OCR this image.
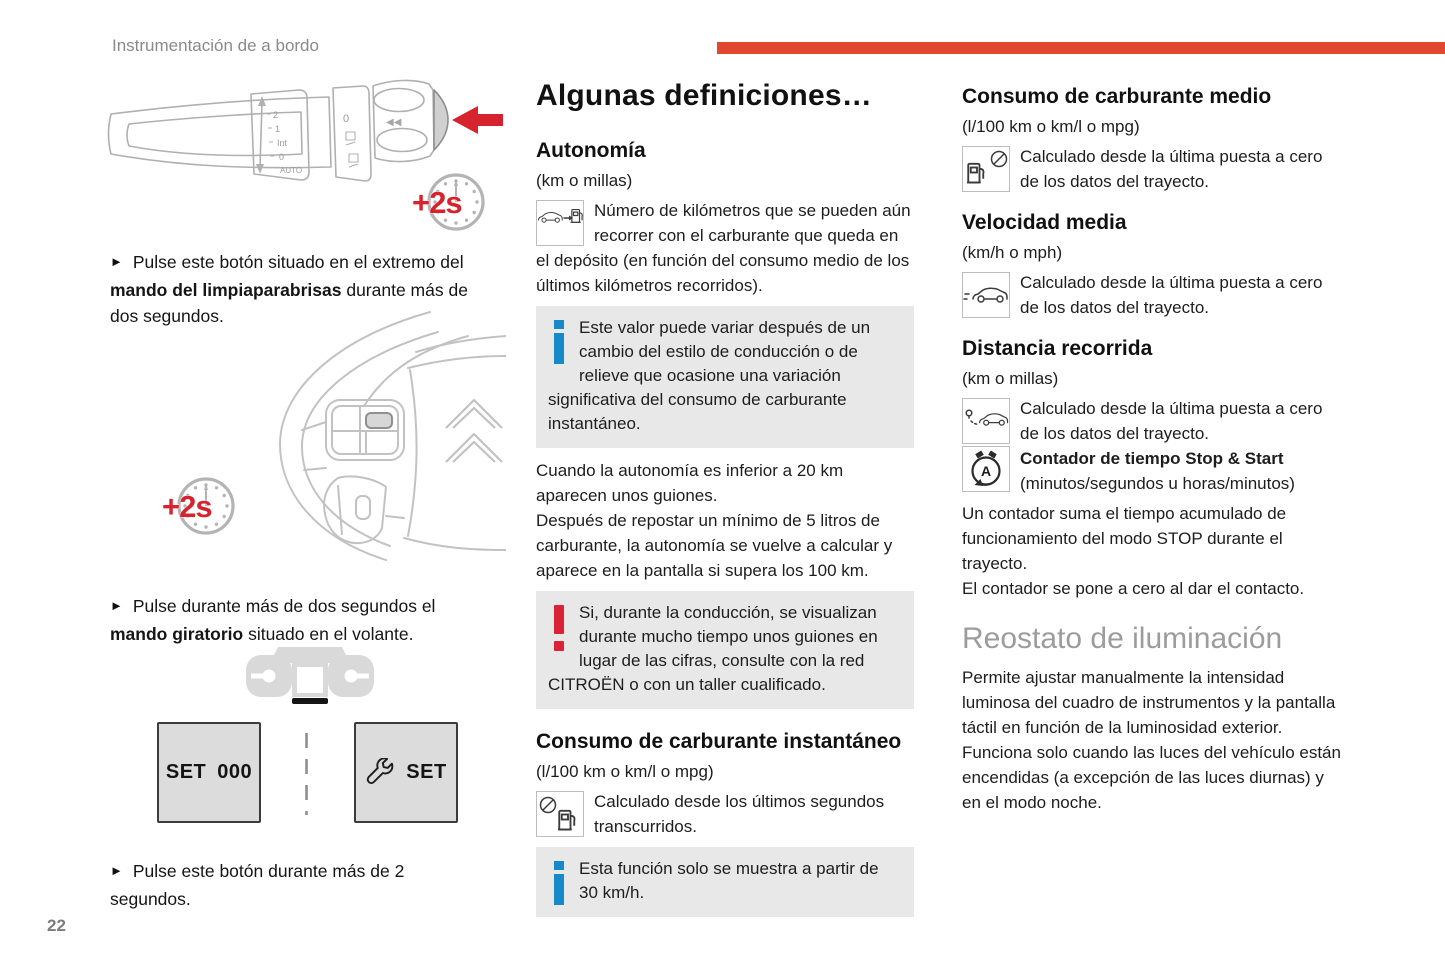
Instrumentación de a bordo
2
1
Int
0
AUTO
0	◀◀
+2s

► Pulse este botón situado en el extremo del mando del limpiaparabrisas durante más de dos segundos.

+2s

► Pulse durante más de dos segundos el mando giratorio situado en el volante.

SET 000	SET

► Pulse este botón durante más de 2 segundos.

Algunas definiciones…
Autonomía

(km o millas)

Número de kilómetros que se pueden aún recorrer con el carburante que queda en el depósito (en función del consumo medio de los últimos kilómetros recorridos).

Este valor puede variar después de un cambio del estilo de conducción o de relieve que ocasione una variación significativa del consumo de carburante instantáneo.

Cuando la autonomía es inferior a 20 km aparecen unos guiones.

Después de repostar un mínimo de 5 litros de carburante, la autonomía se vuelve a calcular y aparece en la pantalla si supera los 100 km.

Si, durante la conducción, se visualizan durante mucho tiempo unos guiones en lugar de las cifras, consulte con la red CITROËN o con un taller cualificado.

Consumo de carburante instantáneo

(l/100 km o km/l o mpg)

Calculado desde los últimos segundos transcurridos.

Esta función solo se muestra a partir de 30 km/h.

Consumo de carburante medio

(l/100 km o km/l o mpg)

Calculado desde la última puesta a cero de los datos del trayecto.

Velocidad media

(km/h o mph)

Calculado desde la última puesta a cero de los datos del trayecto.

Distancia recorrida

(km o millas)

Calculado desde la última puesta a cero de los datos del trayecto.

A

Contador de tiempo Stop & Start

(minutos/segundos u horas/minutos)

Un contador suma el tiempo acumulado de funcionamiento del modo STOP durante el trayecto.

El contador se pone a cero al dar el contacto.

Reostato de iluminación

Permite ajustar manualmente la intensidad luminosa del cuadro de instrumentos y la pantalla táctil en función de la luminosidad exterior.

Funciona solo cuando las luces del vehículo están encendidas (a excepción de las luces diurnas) y en el modo noche.

22
